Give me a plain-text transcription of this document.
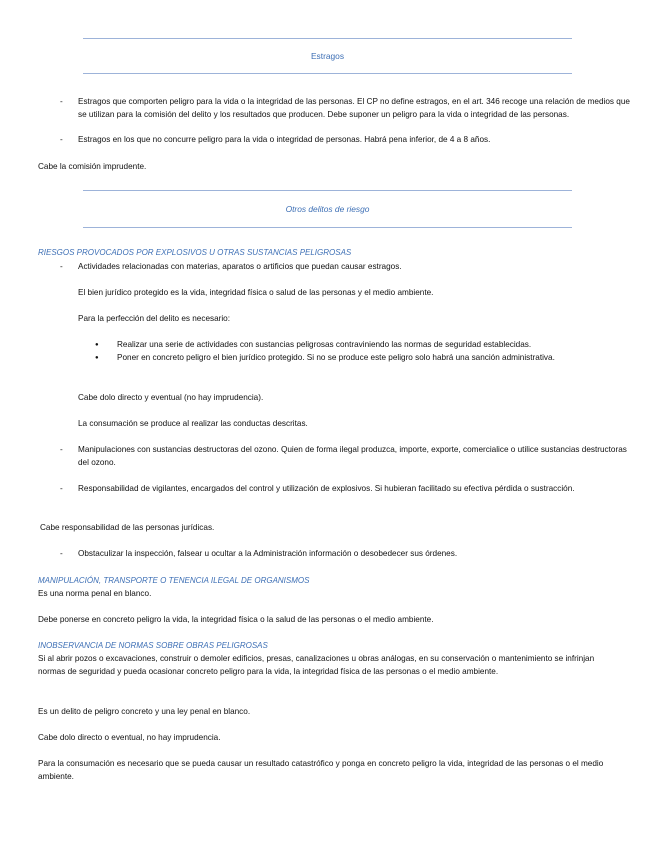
Estragos
- Estragos que comporten peligro para la vida o la integridad de las personas. El CP no define estragos, en el art. 346 recoge una relación de medios que se utilizan para la comisión del delito y los resultados que producen. Debe suponer un peligro para la vida o integridad de las personas.
- Estragos en los que no concurre peligro para la vida o integridad de personas. Habrá pena inferior, de 4 a 8 años.
Cabe la comisión imprudente.
Otros delitos de riesgo
RIESGOS PROVOCADOS POR EXPLOSIVOS U OTRAS SUSTANCIAS PELIGROSAS
- Actividades relacionadas con materias, aparatos o artificios que puedan causar estragos.
El bien jurídico protegido es la vida, integridad física o salud de las personas y el medio ambiente.
Para la perfección del delito es necesario:
● Realizar una serie de actividades con sustancias peligrosas contraviniendo las normas de seguridad establecidas.
● Poner en concreto peligro el bien jurídico protegido. Si no se produce este peligro solo habrá una sanción administrativa.
Cabe dolo directo y eventual (no hay imprudencia).
La consumación se produce al realizar las conductas descritas.
- Manipulaciones con sustancias destructoras del ozono. Quien de forma ilegal produzca, importe, exporte, comercialice o utilice sustancias destructoras del ozono.
- Responsabilidad de vigilantes, encargados del control y utilización de explosivos. Si hubieran facilitado su efectiva pérdida o sustracción.
Cabe responsabilidad de las personas jurídicas.
- Obstaculizar la inspección, falsear u ocultar a la Administración información o desobedecer sus órdenes.
MANIPULACIÓN, TRANSPORTE O TENENCIA ILEGAL DE ORGANISMOS
Es una norma penal en blanco.
Debe ponerse en concreto peligro la vida, la integridad física o la salud de las personas o el medio ambiente.
INOBSERVANCIA DE NORMAS SOBRE OBRAS PELIGROSAS
Si al abrir pozos o excavaciones, construir o demoler edificios, presas, canalizaciones u obras análogas, en su conservación o mantenimiento se infrinjan normas de seguridad y pueda ocasionar concreto peligro para la vida, la integridad física de las personas o el medio ambiente.
Es un delito de peligro concreto y una ley penal en blanco.
Cabe dolo directo o eventual, no hay imprudencia.
Para la consumación es necesario que se pueda causar un resultado catastrófico y ponga en concreto peligro la vida, integridad de las personas o el medio ambiente.
